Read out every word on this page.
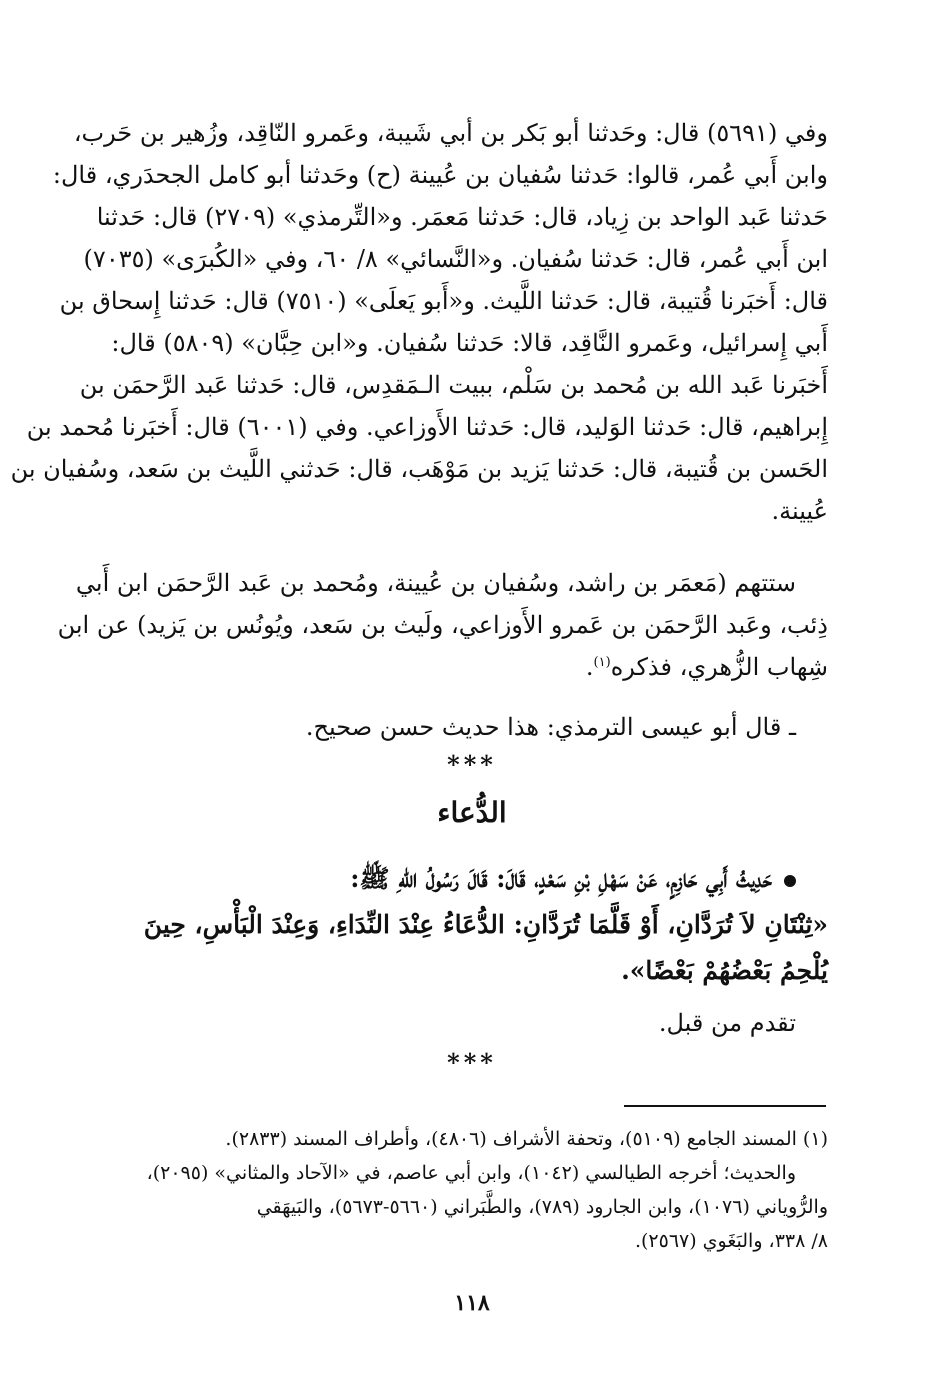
وفي (٥٦٩١) قال: وحَدثنا أبو بَكر بن أبي شَيبة، وعَمرو النّاقِد، وزُهير بن حَرب،
وابن أَبي عُمر، قالوا: حَدثنا سُفيان بن عُيينة (ح) وحَدثنا أبو كامل الجحدَري، قال:
حَدثنا عَبد الواحد بن زِياد، قال: حَدثنا مَعمَر. و«التِّرمذي» (٢٧٠٩) قال: حَدثنا
ابن أَبي عُمر، قال: حَدثنا سُفيان. و«النَّسائي» ٨/ ٦٠، وفي «الكُبرَى» (٧٠٣٥)
قال: أَخبَرنا قُتيبة، قال: حَدثنا اللَّيث. و«أَبو يَعلَى» (٧٥١٠) قال: حَدثنا إِسحاق بن
أَبي إِسرائيل، وعَمرو النَّاقِد، قالا: حَدثنا سُفيان. و«ابن حِبَّان» (٥٨٠٩) قال:
أَخبَرنا عَبد الله بن مُحمد بن سَلْم، ببيت الـمَقدِس، قال: حَدثنا عَبد الرَّحمَن بن
إِبراهيم، قال: حَدثنا الوَليد، قال: حَدثنا الأَوزاعي. وفي (٦٠٠١) قال: أَخبَرنا مُحمد بن
الحَسن بن قُتيبة، قال: حَدثنا يَزيد بن مَوْهَب، قال: حَدثني اللَّيث بن سَعد، وسُفيان بن
عُيينة.
ستتهم (مَعمَر بن راشد، وسُفيان بن عُيينة، ومُحمد بن عَبد الرَّحمَن ابن أَبي
ذِئب، وعَبد الرَّحمَن بن عَمرو الأَوزاعي، ولَيث بن سَعد، ويُونُس بن يَزيد) عن ابن
شِهاب الزُّهري، فذكره$^{(١)}$.
ـ قال أبو عيسى الترمذي: هذا حديث حسن صحيح.
***
الدُّعاء
حَدِيثُ أَبِي حَازِمٍ، عَنْ سَهْلِ بْنِ سَعْدٍ، قَالَ: قَالَ رَسُولُ اللهِ ﷺ:
«ثِنْتَانِ لاَ تُرَدَّانِ، أَوْ قَلَّمَا تُرَدَّانِ: الدُّعَاءُ عِنْدَ النِّدَاءِ، وَعِنْدَ الْبَأْسِ، حِينَ
يُلْحِمُ بَعْضُهُمْ بَعْضًا».
تقدم من قبل.
***
(١) المسند الجامع (٥١٠٩)، وتحفة الأشراف (٤٨٠٦)، وأطراف المسند (٢٨٣٣).
والحديث؛ أخرجه الطيالسي (١٠٤٢)، وابن أبي عاصم، في «الآحاد والمثاني» (٢٠٩٥)،
والرُّوياني (١٠٧٦)، وابن الجارود (٧٨٩)، والطَّبَراني (٥٦٦٠-٥٦٧٣)، والبَيهَقي
٨/ ٣٣٨، والبَغَوي (٢٥٦٧).
١١٨
